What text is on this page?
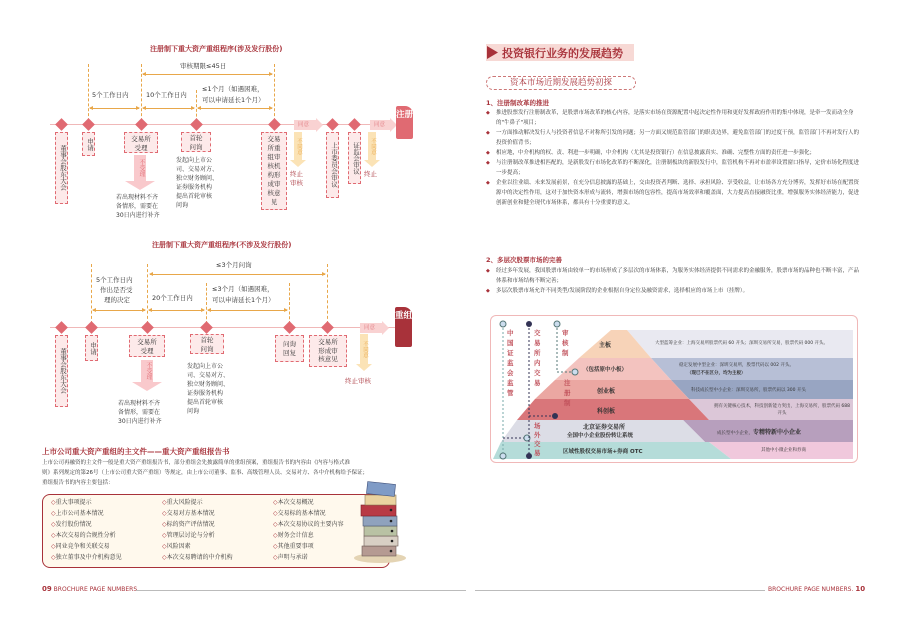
注册制下重大资产重组程序(涉及发行股份)
审核期限≤45日
5个工作日内	10个工作日内
≤1个月（如遇困难，
可以申请延长1个月）
董事会股东大会
申请	交易所
受理
首轮
问询
交易所重组审核机构形成审核意见
上市委员会审议	证监会审议
不受理
若出现材料不齐
备情形，需要在
30日内进行补齐
发起向上市公
司、交易对方、
独立财务顾问、
证券服务机构
提出首轮审核
问询
同意
不同意
终止
审核
同意
不同意
终止
注册
注册制下重大资产重组程序(不涉及发行股份)
≤3个月问询
5个工作日内
作出是否受
理的决定	20个工作日内
≤3个月（如遇困难，
可以申请延长1个月）
董事会股东大会
申请	交易所
受理
首轮
问询
问询
回复
交易所
形成审
核意见
不受理
若出现材料不齐
备情形，需要在
30日内进行补齐
发起向上市公
司、交易对方、
独立财务顾问、
证券服务机构
提出首轮审核
问询
同意
不同意
终止审核
重组
上市公司重大资产重组的主文件——重大资产重组报告书
上市公司再融资的主文件一般是重大资产重组报告书，部分重组会先披露简单的重组预案，重组报告书的内容由《内容与格式准
则》系列规定的第26号（上市公司重大资产重组）等规定，由上市公司董事、监事、高级管理人员、交易对方、各中介机构给予保证；
重组报告书的内容主要包括：
◇ 重大事项提示	◇ 重大风险提示	◇ 本次交易概况
◇ 上市公司基本情况	◇ 交易对方基本情况	◇ 交易标的基本情况
◇ 发行股份情况	◇ 标的资产评估情况	◇ 本次交易协议的主要内容
◇ 本次交易的合规性分析	◇ 管理层讨论与分析	◇ 财务会计信息
◇ 同业竞争和关联交易	◇ 风险因素	◇ 其他重要事项
◇ 独立董事及中介机构意见	◇ 本次交易聘请的中介机构	◇ 声明与承诺
09 BROCHURE PAGE NUMBERS
投资银行业务的发展趋势
资本市场近期发展趋势初探
1、注册制改革的推进
◆ 推进股票发行注册制改革，是股票市场改革的核心内容，是落实市场在资源配置中起决定性作用和更好发挥政府作用的集中体现，是牵一发而动全身的"牛鼻子"项目；
◆ 一方面推动解决发行人与投资者信息不对称所引发的问题；另一方面又规范监管部门的职责边界，避免监管部门的过度干预，监管部门不再对发行人的投资价值背书；
◆ 相应地，中介机构的权、责、利进一步明确，中介机构（尤其是投资银行）在信息披露真实、准确、完整性方面的责任进一步强化；
◆ 与注册制改革推进相匹配的，是新股发行市场化改革的不断深化，注册制板块的新股发行中，监管机构不再对市盈率设置窗口指导，定价市场化程度进一步提高；
◆ 企业以往业绩、未来发展前景，在充分信息披露的基础上，交由投资者判断、选择、承担风险、享受收益，让市场各方充分博弈，发挥好市场在配置资源中的决定性作用，这对于加快资本形成与流转，增强市场的包容性，提高市场效率和覆盖面，大力提高直接融资比重，增强服务实体经济能力，促进创新创业和健全现代市场体系，都具有十分重要的意义。
2、多层次股票市场的完善
◆ 经过多年发展，我国股票市场由较单一的市场形成了多层次的市场体系，为服务实体经济提供不同需求的金融服务，股票市场的品种也不断丰富，产品体系和市场结构不断完善；
◆ 多层次股票市场允许不同类型/发展阶段的企业根据自身定位及融资需求，选择相应的市场上市（挂牌）。
中国证监会监管
交易所内交易
审核制
注册制
场外交易
主板
（包括原中小板）
创业板
科创板
北京证券交易所
全国中小企业股份转让系统
区域性股权交易市场+券商 OTC
大型蓝筹企业：上海交易所股票代码 60 开头；深圳交易所交易，股票代码 000 开头。
稳定发展中型企业：深圳交易所，股票代码以 002 开头。
（现已不在区分，均为主板）
科技成长型中小企业：深圳交易所，股票代码以 300 开头
拥有关键核心技术，科技创新能力突出，上海交易所，股票代码 688 开头
成长型中小企业，专精特新中小企业
其他中小微企业和券商
BROCHURE PAGE NUMBERS. 10
